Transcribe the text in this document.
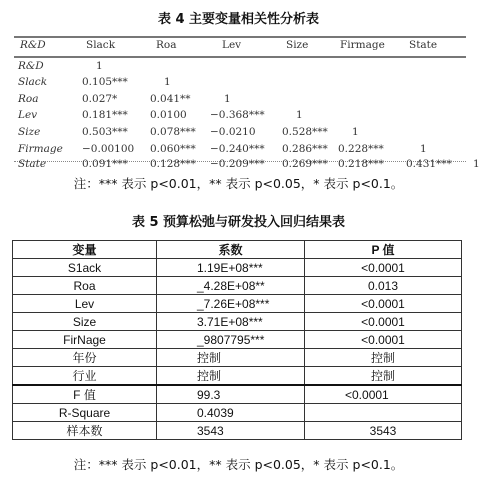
表 4 主要变量相关性分析表
R&D	Slack	Roa	Lev	Size	Firmage State
R&D	1
Slack	0.105***	1
Roa	0.027*	0.041**	1
Lev	0.181*** 0.0100 −0.368***	1
Size	0.503*** 0.078*** −0.0210	0.528*** 1
Firmage −0.00100 0.060*** −0.240*** 0.286*** 0.228***	1
State	0.091*** 0.128*** −0.209*** 0.269*** 0.218*** 0.431*** 1
注：*** 表示 p<0.01，** 表示 p<0.05，* 表示 p<0.1。
表 5 预算松弛与研发投入回归结果表
变量	系数	P 值
S1ack	1.19E+08***	<0.0001
Roa	_4.28E+08**	0.013
Lev	_7.26E+08***	<0.0001
Size	3.71E+08***	<0.0001
FirNage	_9807795***	<0.0001
年份	控制	控制
行业	控制	控制
F 值	99.3	<0.0001
R-Square	0.4039	
样本数	3543	3543
注：*** 表示 p<0.01，** 表示 p<0.05，* 表示 p<0.1。
